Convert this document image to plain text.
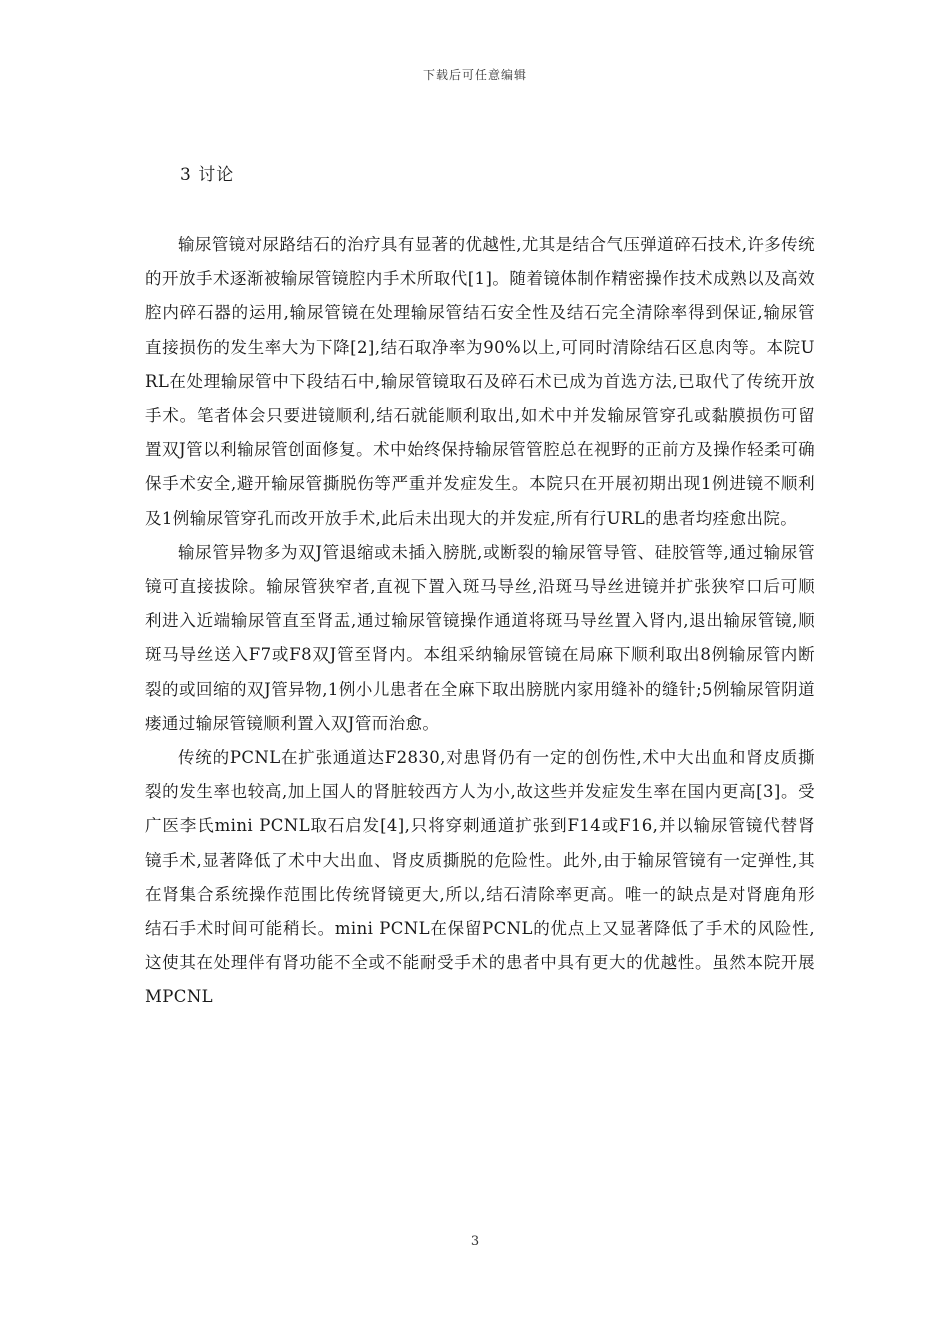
下载后可任意编辑
3 讨论

输尿管镜对尿路结石的治疗具有显著的优越性,尤其是结合气压弹道碎石技术,许多传统的开放手术逐渐被输尿管镜腔内手术所取代[1]。随着镜体制作精密操作技术成熟以及高效腔内碎石器的运用,输尿管镜在处理输尿管结石安全性及结石完全清除率得到保证,输尿管直接损伤的发生率大为下降[2],结石取净率为90%以上,可同时清除结石区息肉等。本院URL在处理输尿管中下段结石中,输尿管镜取石及碎石术已成为首选方法,已取代了传统开放手术。笔者体会只要进镜顺利,结石就能顺利取出,如术中并发输尿管穿孔或黏膜损伤可留置双J管以利输尿管创面修复。术中始终保持输尿管管腔总在视野的正前方及操作轻柔可确保手术安全,避开输尿管撕脱伤等严重并发症发生。本院只在开展初期出现1例进镜不顺利及1例输尿管穿孔而改开放手术,此后未出现大的并发症,所有行URL的患者均痊愈出院。

输尿管异物多为双J管退缩或未插入膀胱,或断裂的输尿管导管、硅胶管等,通过输尿管镜可直接拔除。输尿管狭窄者,直视下置入斑马导丝,沿斑马导丝进镜并扩张狭窄口后可顺利进入近端输尿管直至肾盂,通过输尿管镜操作通道将斑马导丝置入肾内,退出输尿管镜,顺斑马导丝送入F7或F8双J管至肾内。本组采纳输尿管镜在局麻下顺利取出8例输尿管内断裂的或回缩的双J管异物,1例小儿患者在全麻下取出膀胱内家用缝补的缝针;5例输尿管阴道瘘通过输尿管镜顺利置入双J管而治愈。

传统的PCNL在扩张通道达F2830,对患肾仍有一定的创伤性,术中大出血和肾皮质撕裂的发生率也较高,加上国人的肾脏较西方人为小,故这些并发症发生率在国内更高[3]。受广医李氏mini PCNL取石启发[4],只将穿刺通道扩张到F14或F16,并以输尿管镜代替肾镜手术,显著降低了术中大出血、肾皮质撕脱的危险性。此外,由于输尿管镜有一定弹性,其在肾集合系统操作范围比传统肾镜更大,所以,结石清除率更高。唯一的缺点是对肾鹿角形结石手术时间可能稍长。mini PCNL在保留PCNL的优点上又显著降低了手术的风险性,这使其在处理伴有肾功能不全或不能耐受手术的患者中具有更大的优越性。虽然本院开展MPCNL

3
